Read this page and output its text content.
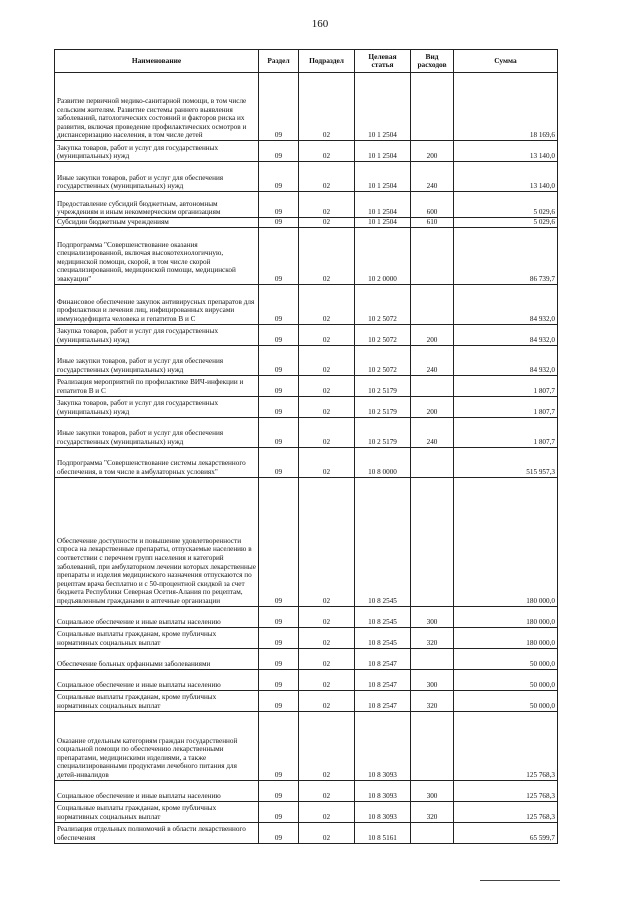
160
Наименование	Раздел	Подраздел	Целевая статья	Вид расходов	Сумма
Развитие первичной медико-санитарной помощи, в том числе сельским жителям. Развитие системы раннего выявления заболеваний, патологических состояний и факторов риска их развития, включая проведение профилактических осмотров и диспансеризацию населения, в том числе детей	09	02	10 1 2504		18 169,6
Закупка товаров, работ и услуг для государственных (муниципальных) нужд	09	02	10 1 2504	200	13 140,0
Иные закупки товаров, работ и услуг для обеспечения государственных (муниципальных) нужд	09	02	10 1 2504	240	13 140,0
Предоставление субсидий бюджетным, автономным учреждениям и иным некоммерческим организациям	09	02	10 1 2504	600	5 029,6
Субсидии бюджетным учреждениям	09	02	10 1 2504	610	5 029,6
Подпрограмма "Совершенствование оказания специализированной, включая высокотехнологичную, медицинской помощи, скорой, в том числе скорой специализированной, медицинской помощи, медицинской эвакуации"	09	02	10 2 0000		86 739,7
Финансовое обеспечение закупок антивирусных препаратов для профилактики и лечения лиц, инфицированных вирусами иммунодефицита человека и гепатитов В и С	09	02	10 2 5072		84 932,0
Закупка товаров, работ и услуг для государственных (муниципальных) нужд	09	02	10 2 5072	200	84 932,0
Иные закупки товаров, работ и услуг для обеспечения государственных (муниципальных) нужд	09	02	10 2 5072	240	84 932,0
Реализация мероприятий по профилактике ВИЧ-инфекции и гепатитов В и С	09	02	10 2 5179		1 807,7
Закупка товаров, работ и услуг для государственных (муниципальных) нужд	09	02	10 2 5179	200	1 807,7
Иные закупки товаров, работ и услуг для обеспечения государственных (муниципальных) нужд	09	02	10 2 5179	240	1 807,7
Подпрограмма "Совершенствование системы лекарственного обеспечения, в том числе в амбулаторных условиях"	09	02	10 8 0000		515 957,3
Обеспечение доступности и повышение удовлетворенности спроса на лекарственные препараты, отпускаемые населению в соответствии с перечнем групп населения и категорий заболеваний, при амбулаторном лечении которых лекарственные препараты и изделия медицинского назначения отпускаются по рецептам врача бесплатно и с 50-процентной скидкой за счет бюджета Республики Северная Осетия-Алания по рецептам, предъявленным гражданами в аптечные организации	09	02	10 8 2545		180 000,0
Социальное обеспечение и иные выплаты населению	09	02	10 8 2545	300	180 000,0
Социальные выплаты гражданам, кроме публичных нормативных социальных выплат	09	02	10 8 2545	320	180 000,0
Обеспечение больных орфанными заболеваниями	09	02	10 8 2547		50 000,0
Социальное обеспечение и иные выплаты населению	09	02	10 8 2547	300	50 000,0
Социальные выплаты гражданам, кроме публичных нормативных социальных выплат	09	02	10 8 2547	320	50 000,0
Оказание отдельным категориям граждан государственной социальной помощи по обеспечению лекарственными препаратами, медицинскими изделиями, а также специализированными продуктами лечебного питания для детей-инвалидов	09	02	10 8 3093		125 768,3
Социальное обеспечение и иные выплаты населению	09	02	10 8 3093	300	125 768,3
Социальные выплаты гражданам, кроме публичных нормативных социальных выплат	09	02	10 8 3093	320	125 768,3
Реализация отдельных полномочий в области лекарственного обеспечения	09	02	10 8 5161		65 599,7
